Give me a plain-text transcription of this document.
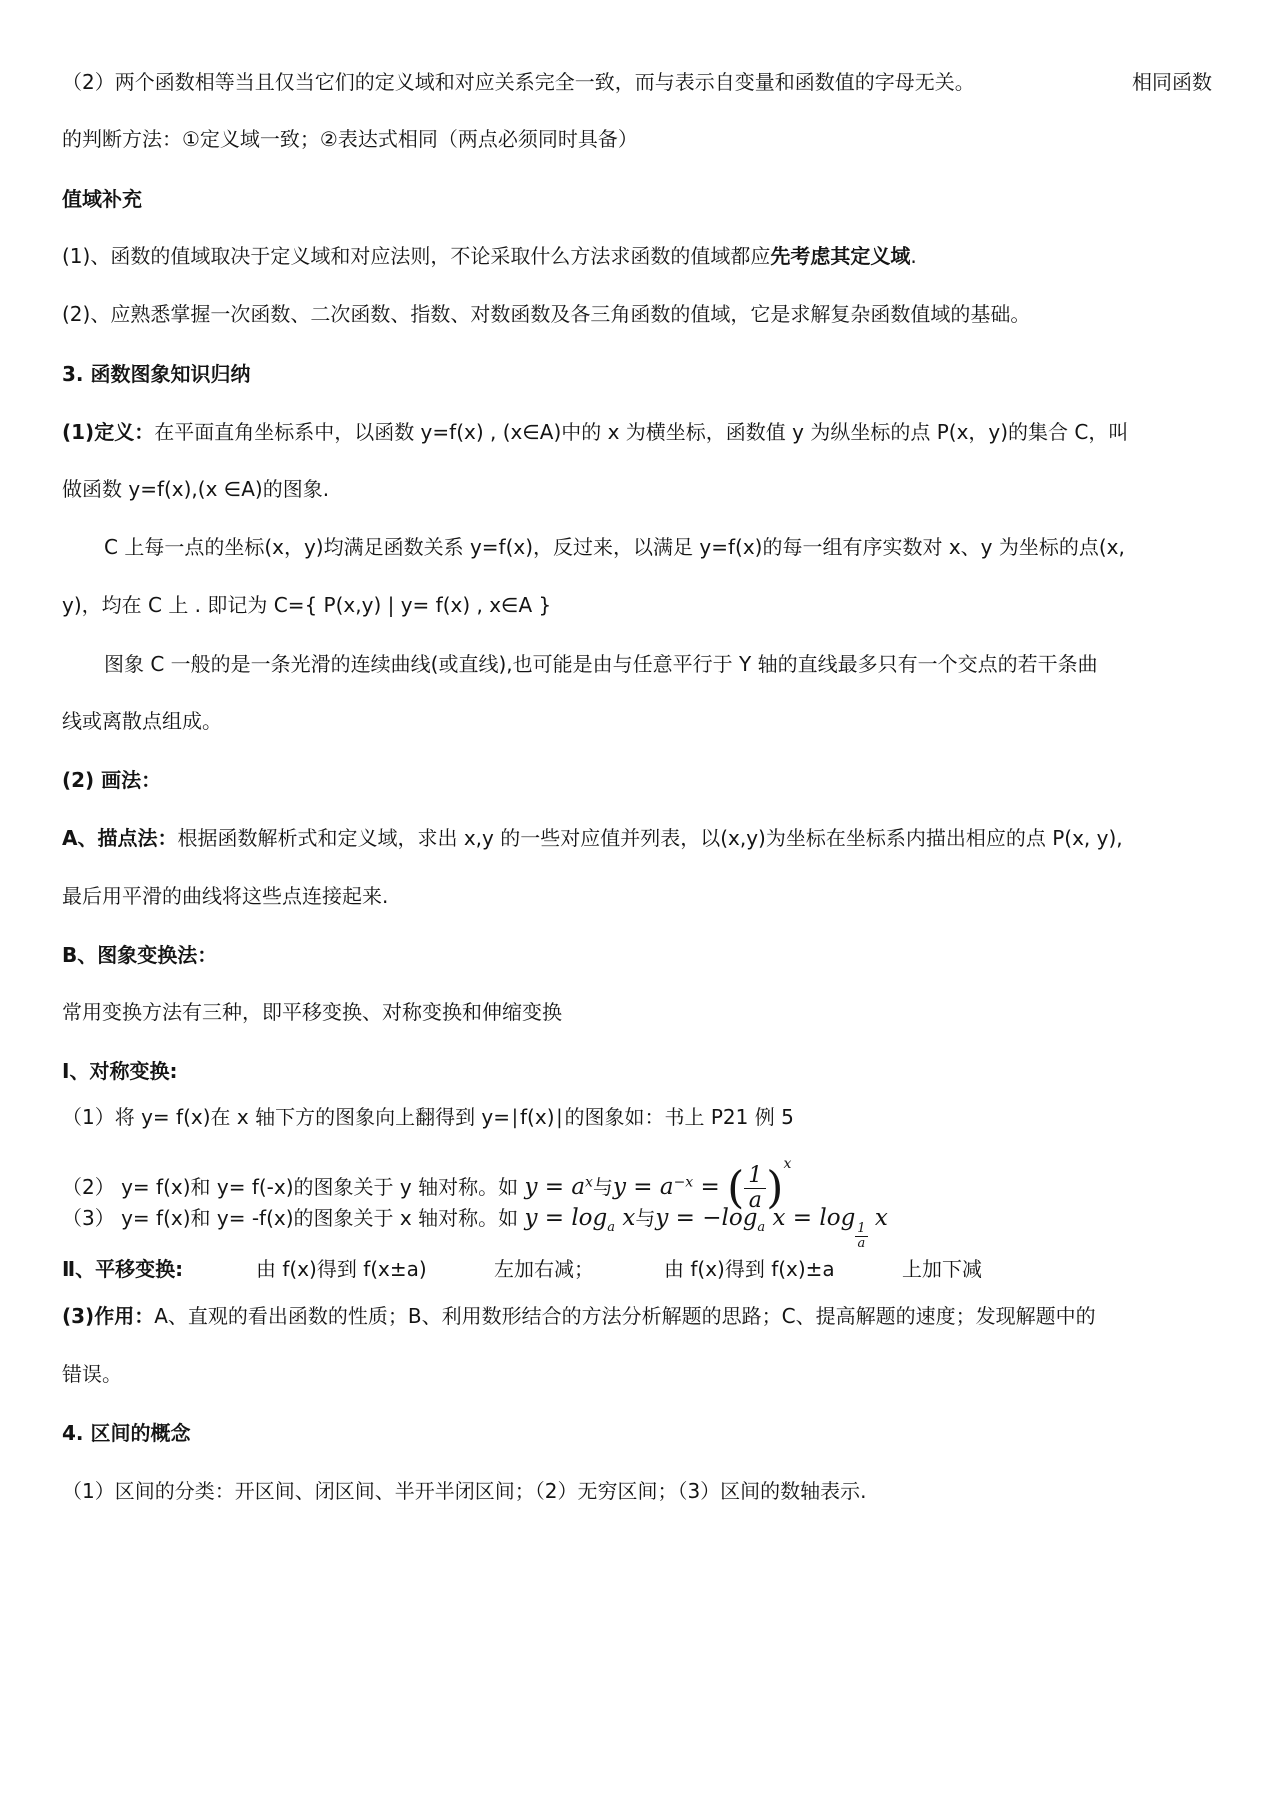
（2）两个函数相等当且仅当它们的定义域和对应关系完全一致，而与表示自变量和函数值的字母无关。	相同函数
的判断方法：①定义域一致；②表达式相同（两点必须同时具备）
值域补充
(1)、函数的值域取决于定义域和对应法则，不论采取什么方法求函数的值域都应先考虑其定义域.
(2)、应熟悉掌握一次函数、二次函数、指数、对数函数及各三角函数的值域，它是求解复杂函数值域的基础。
3. 函数图象知识归纳
(1)定义：在平面直角坐标系中，以函数 y=f(x) , (x∈A)中的 x 为横坐标，函数值 y 为纵坐标的点 P(x，y)的集合 C，叫
做函数 y=f(x),(x ∈A)的图象.
C 上每一点的坐标(x，y)均满足函数关系 y=f(x)，反过来，以满足 y=f(x)的每一组有序实数对 x、y 为坐标的点(x,
y)，均在 C 上 . 即记为 C={ P(x,y) | y= f(x) , x∈A }
图象 C 一般的是一条光滑的连续曲线(或直线),也可能是由与任意平行于 Y 轴的直线最多只有一个交点的若干条曲
线或离散点组成。
(2) 画法：
A、描点法：根据函数解析式和定义域，求出 x,y 的一些对应值并列表，以(x,y)为坐标在坐标系内描出相应的点 P(x, y),
最后用平滑的曲线将这些点连接起来.
B、图象变换法：
常用变换方法有三种，即平移变换、对称变换和伸缩变换
Ⅰ、对称变换:
（1）将 y= f(x)在 x 轴下方的图象向上翻得到 y=∣f(x)∣的图象如：书上 P21 例 5
（2） y= f(x)和 y= f(-x)的图象关于 y 轴对称。如 $y = a^x$与$y = a^{-x}$ = ( $\frac{1}{a} )^x$
（3） y= f(x)和 y= -f(x)的图象关于 x 轴对称。如 $y = \log_a x$与$y = -\log_a$ x = log
$\frac{1}{a}$
x
Ⅱ、平移变换:	由 f(x)得到 f(x±a)	左加右减；	由 f(x)得到 f(x)±a	上加下减
(3)作用：A、直观的看出函数的性质；B、利用数形结合的方法分析解题的思路；C、提高解题的速度；发现解题中的
错误。
4. 区间的概念
（1）区间的分类：开区间、闭区间、半开半闭区间；（2）无穷区间；（3）区间的数轴表示.
